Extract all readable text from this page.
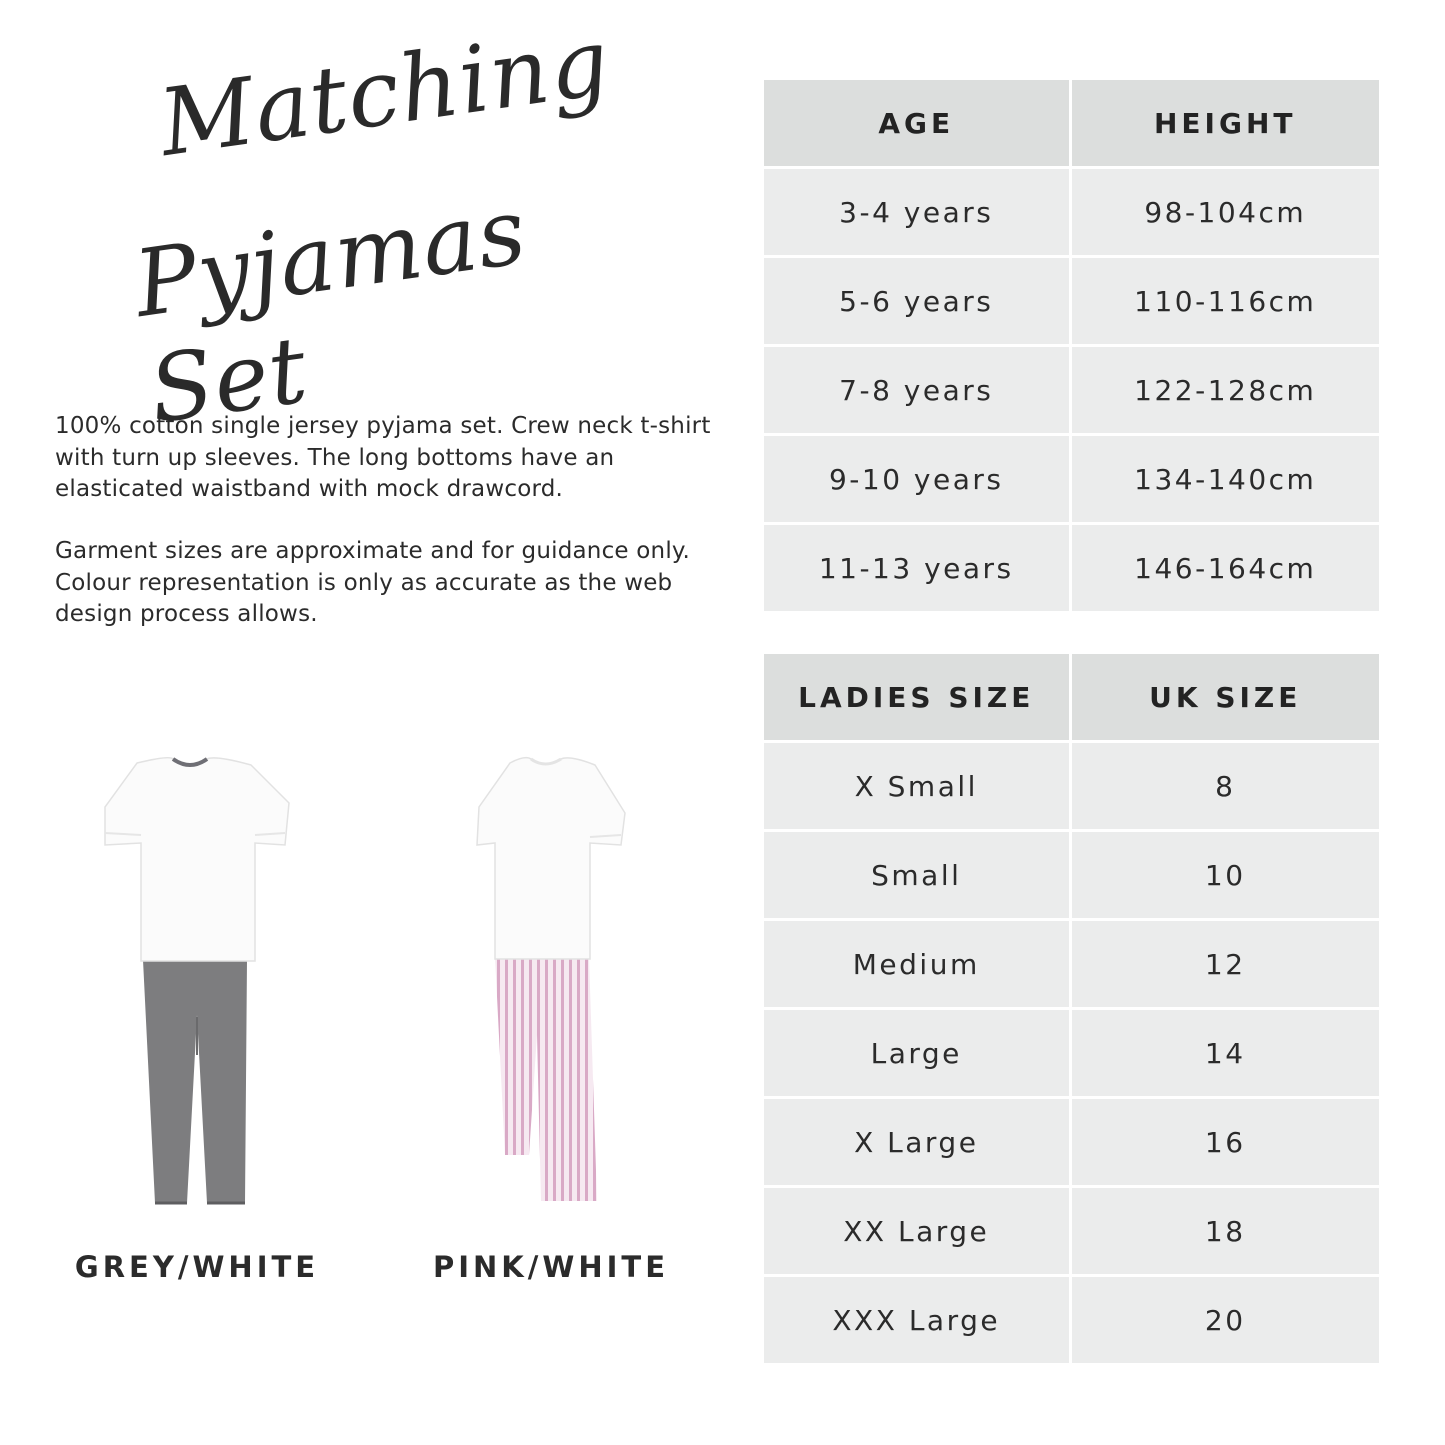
Matching
Pyjamas Set

100% cotton single jersey pyjama set. Crew neck t-shirt with turn up sleeves. The long bottoms have an elasticated waistband with mock drawcord.

Garment sizes are approximate and for guidance only. Colour representation is only as accurate as the web design process allows.

GREY/WHITE	PINK/WHITE
AGE	HEIGHT
3-4 years	98-104cm
5-6 years	110-116cm
7-8 years	122-128cm
9-10 years	134-140cm
11-13 years	146-164cm
LADIES SIZE	UK SIZE
X Small	8
Small	10
Medium	12
Large	14
X Large	16
XX Large	18
XXX Large	20
